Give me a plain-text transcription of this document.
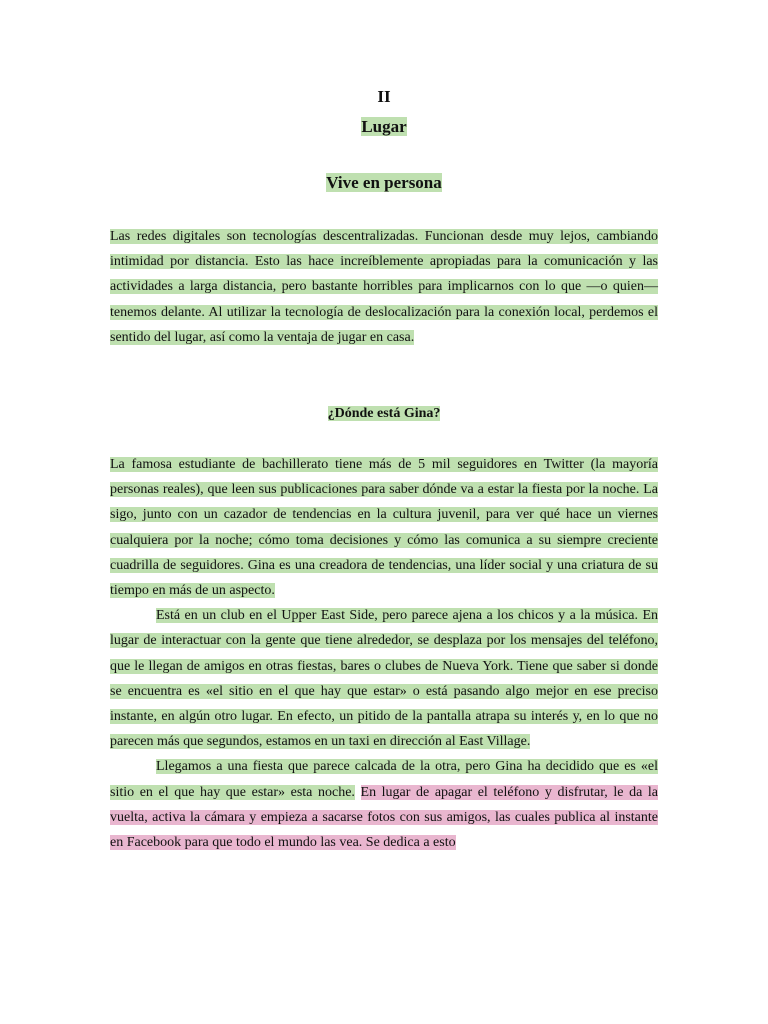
II
Lugar
Vive en persona

Las redes digitales son tecnologías descentralizadas. Funcionan desde muy lejos, cambiando intimidad por distancia. Esto las hace increíblemente apropiadas para la comunicación y las actividades a larga distancia, pero bastante horribles para implicarnos con lo que —o quien— tenemos delante. Al utilizar la tecnología de deslocalización para la conexión local, perdemos el sentido del lugar, así como la ventaja de jugar en casa.

¿Dónde está Gina?

La famosa estudiante de bachillerato tiene más de 5 mil seguidores en Twitter (la mayoría personas reales), que leen sus publicaciones para saber dónde va a estar la fiesta por la noche. La sigo, junto con un cazador de tendencias en la cultura juvenil, para ver qué hace un viernes cualquiera por la noche; cómo toma decisiones y cómo las comunica a su siempre creciente cuadrilla de seguidores. Gina es una creadora de tendencias, una líder social y una criatura de su tiempo en más de un aspecto.

Está en un club en el Upper East Side, pero parece ajena a los chicos y a la música. En lugar de interactuar con la gente que tiene alrededor, se desplaza por los mensajes del teléfono, que le llegan de amigos en otras fiestas, bares o clubes de Nueva York. Tiene que saber si donde se encuentra es «el sitio en el que hay que estar» o está pasando algo mejor en ese preciso instante, en algún otro lugar. En efecto, un pitido de la pantalla atrapa su interés y, en lo que no parecen más que segundos, estamos en un taxi en dirección al East Village.

Llegamos a una fiesta que parece calcada de la otra, pero Gina ha decidido que es «el sitio en el que hay que estar» esta noche. En lugar de apagar el teléfono y disfrutar, le da la vuelta, activa la cámara y empieza a sacarse fotos con sus amigos, las cuales publica al instante en Facebook para que todo el mundo las vea. Se dedica a esto
